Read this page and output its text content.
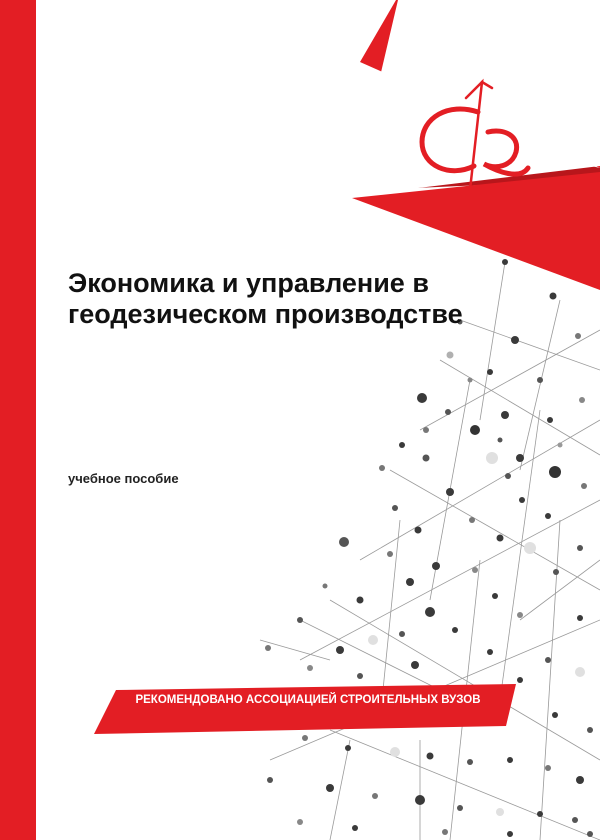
Экономика и управление в геодезическом производстве

учебное пособие

РЕКОМЕНДОВАНО АССОЦИАЦИЕЙ СТРОИТЕЛЬНЫХ ВУЗОВ
